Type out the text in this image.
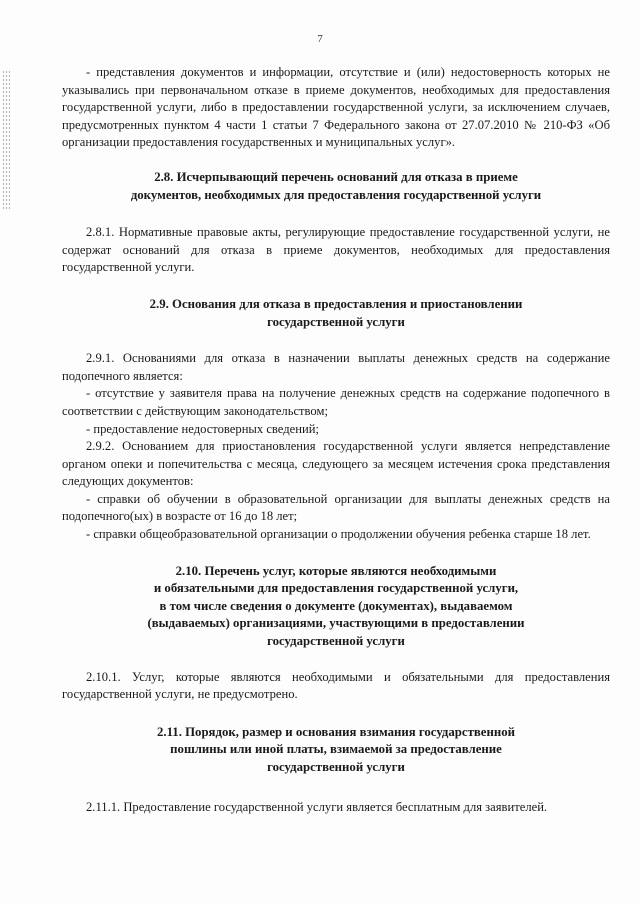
7

- представления документов и информации, отсутствие и (или) недостоверность которых не указывались при первоначальном отказе в приеме документов, необходимых для предоставления государственной услуги, либо в предоставлении государственной услуги, за исключением случаев, предусмотренных пунктом 4 части 1 статьи 7 Федерального закона от 27.07.2010 № 210-ФЗ «Об организации предоставления государственных и муниципальных услуг».

2.8. Исчерпывающий перечень оснований для отказа в приеме
документов, необходимых для предоставления государственной услуги

2.8.1. Нормативные правовые акты, регулирующие предоставление государственной услуги, не содержат оснований для отказа в приеме документов, необходимых для предоставления государственной услуги.

2.9. Основания для отказа в предоставления и приостановлении
государственной услуги

2.9.1. Основаниями для отказа в назначении выплаты денежных средств на содержание подопечного является:

- отсутствие у заявителя права на получение денежных средств на содержание подопечного в соответствии с действующим законодательством;

- предоставление недостоверных сведений;

2.9.2. Основанием для приостановления государственной услуги является непредставление органом опеки и попечительства с месяца, следующего за месяцем истечения срока представления следующих документов:

- справки об обучении в образовательной организации для выплаты денежных средств на подопечного(ых) в возрасте от 16 до 18 лет;

- справки общеобразовательной организации о продолжении обучения ребенка старше 18 лет.

2.10. Перечень услуг, которые являются необходимыми
и обязательными для предоставления государственной услуги,
в том числе сведения о документе (документах), выдаваемом
(выдаваемых) организациями, участвующими в предоставлении
государственной услуги

2.10.1. Услуг, которые являются необходимыми и обязательными для предоставления государственной услуги, не предусмотрено.

2.11. Порядок, размер и основания взимания государственной
пошлины или иной платы, взимаемой за предоставление
государственной услуги

2.11.1. Предоставление государственной услуги является бесплатным для заявителей.
